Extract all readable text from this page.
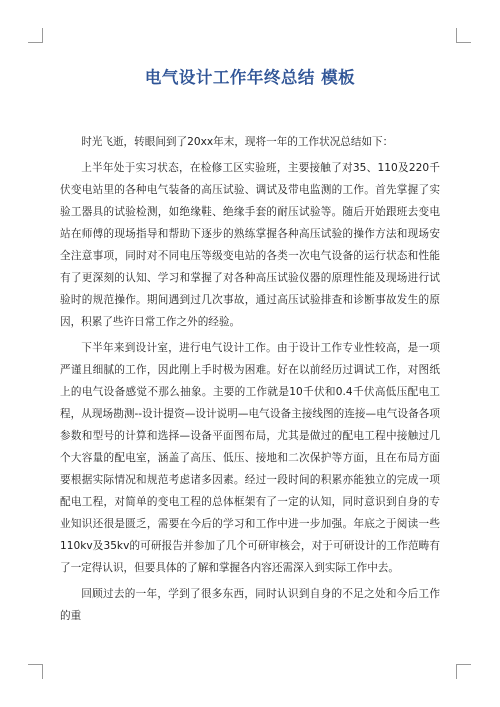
电气设计工作年终总结 模板

时光飞逝，转眼间到了20xx年末，现将一年的工作状况总结如下：

上半年处于实习状态，在检修工区实验班，主要接触了对35、110及220千伏变电站里的各种电气装备的高压试验、调试及带电监测的工作。首先掌握了实验工器具的试验检测，如绝缘鞋、绝缘手套的耐压试验等。随后开始跟班去变电站在师傅的现场指导和帮助下逐步的熟练掌握各种高压试验的操作方法和现场安全注意事项，同时对不同电压等级变电站的各类一次电气设备的运行状态和性能有了更深刻的认知、学习和掌握了对各种高压试验仪器的原理性能及现场进行试验时的规范操作。期间遇到过几次事故，通过高压试验排查和诊断事故发生的原因，积累了些许日常工作之外的经验。

下半年来到设计室，进行电气设计工作。由于设计工作专业性较高，是一项严谨且细腻的工作，因此刚上手时极为困难。好在以前经历过调试工作，对图纸上的电气设备感觉不那么抽象。主要的工作就是10千伏和0.4千伏高低压配电工程，从现场勘测--设计提资—设计说明—电气设备主接线图的连接—电气设备各项参数和型号的计算和选择—设备平面图布局，尤其是做过的配电工程中接触过几个大容量的配电室，涵盖了高压、低压、接地和二次保护等方面，且在布局方面要根据实际情况和规范考虑诸多因素。经过一段时间的积累亦能独立的完成一项配电工程，对简单的变电工程的总体框架有了一定的认知，同时意识到自身的专业知识还很是匮乏，需要在今后的学习和工作中进一步加强。年底之于阅读一些110kv及35kv的可研报告并参加了几个可研审核会，对于可研设计的工作范畴有了一定得认识，但要具体的了解和掌握各内容还需深入到实际工作中去。

回顾过去的一年，学到了很多东西，同时认识到自身的不足之处和今后工作的重
